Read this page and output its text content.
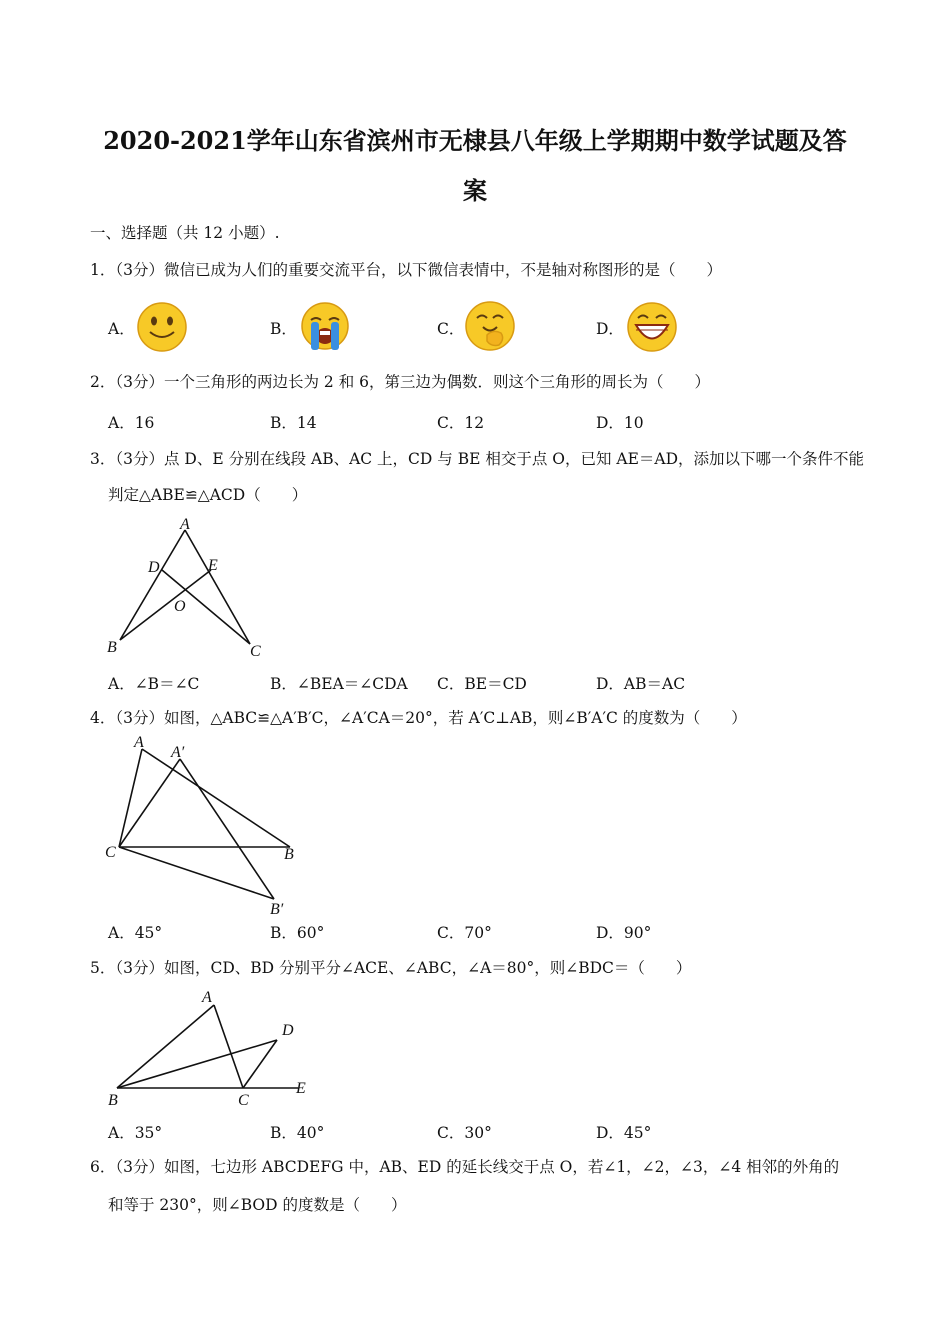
2020-2021学年山东省滨州市无棣县八年级上学期期中数学试题及答
案
一、选择题（共 12 小题）.
1．（3分）微信已成为人们的重要交流平台，以下微信表情中，不是轴对称图形的是（　　）
A．	B．	C．	D．
2．（3分）一个三角形的两边长为 2 和 6，第三边为偶数．则这个三角形的周长为（　　）
A．16	B．14	C．12	D．10
3．（3分）点 D、E 分别在线段 AB、AC 上，CD 与 BE 相交于点 O，已知 AE＝AD，添加以下哪一个条件不能
判定△ABE≌△ACD（　　）
A
D	E
O
B	C
A．∠B＝∠C	B．∠BEA＝∠CDA C．BE＝CD	D．AB＝AC
4．（3分）如图，△ABC≌△A′B′C，∠A′CA＝20°，若 A′C⊥AB，则∠B′A′C 的度数为（　　）
A
A′
C	B
B′
A．45°	B．60°	C．70°	D．90°
5．（3分）如图，CD、BD 分别平分∠ACE、∠ABC，∠A＝80°，则∠BDC＝（　　）
A
D
B	C
E
A．35°	B．40°	C．30°	D．45°
6．（3分）如图，七边形 ABCDEFG 中，AB、ED 的延长线交于点 O，若∠1，∠2，∠3，∠4 相邻的外角的
和等于 230°，则∠BOD 的度数是（　　）
